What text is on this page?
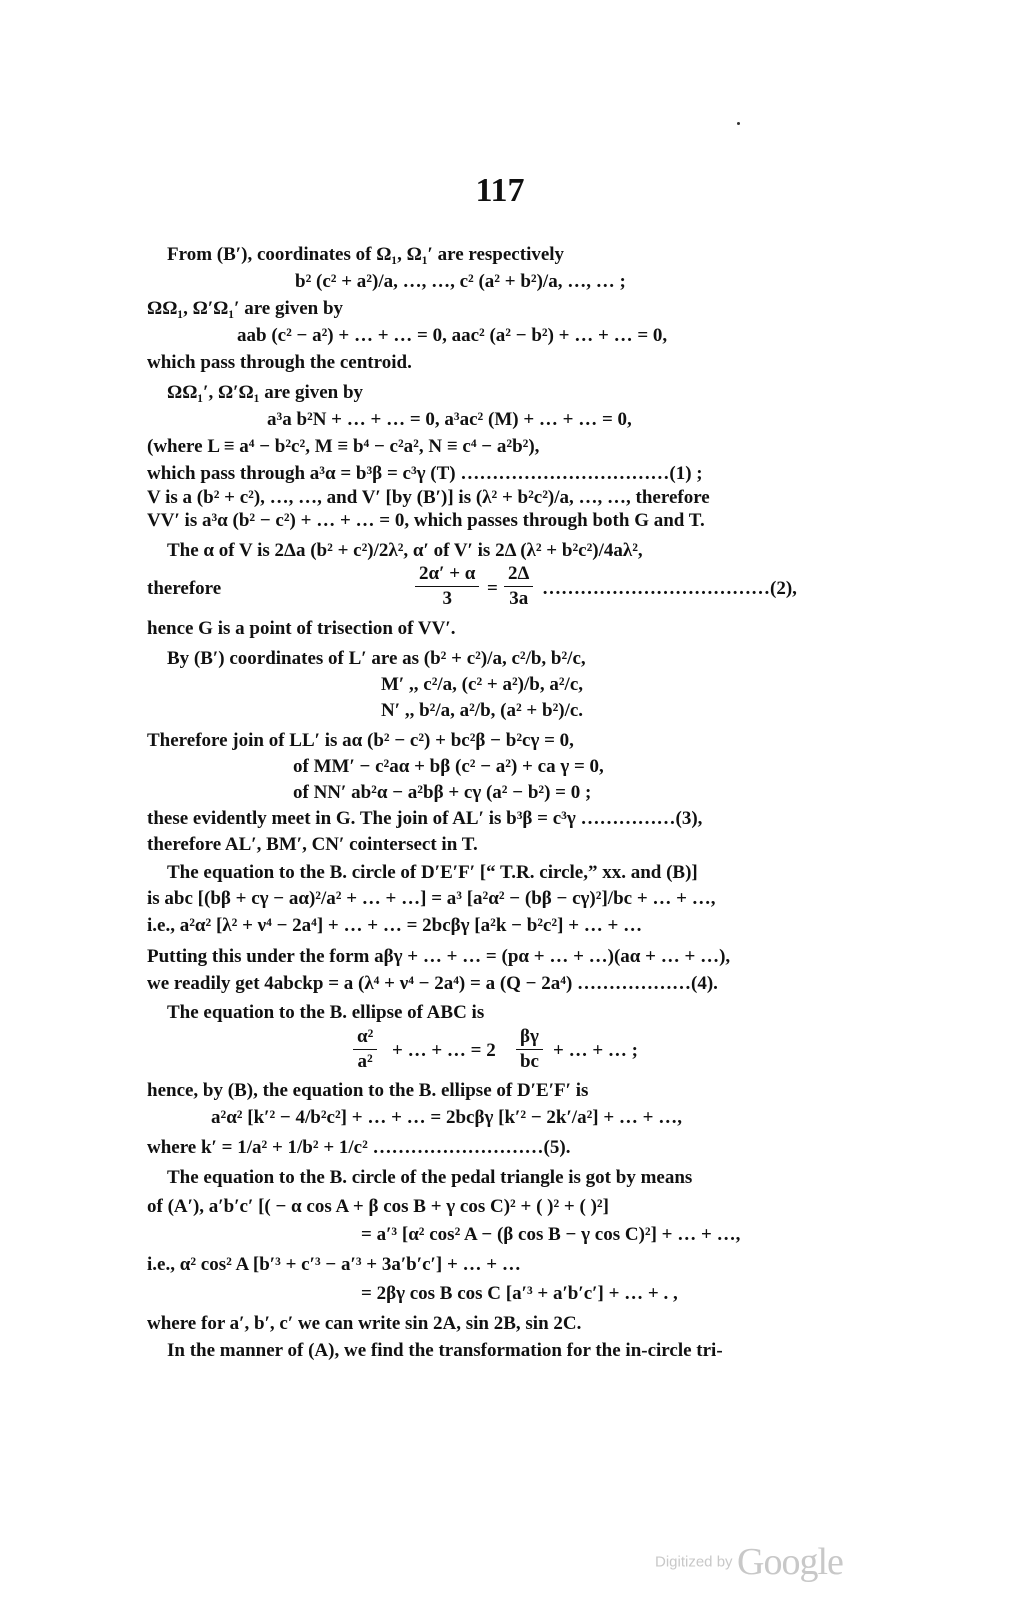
117
From (B′), coordinates of Ω₁, Ω₁′ are respectively
b² (c² + a²)/a, …, …, c² (a² + b²)/a, …, … ;
ΩΩ₁, Ω′Ω₁′ are given by
aab (c² − a²) + … + … = 0, aac² (a² − b²) + … + … = 0,
which pass through the centroid.
ΩΩ₁′, Ω′Ω₁ are given by
a³a b²N + … + … = 0, a³ac² (M) + … + … = 0,
(where L ≡ a⁴ − b²c², M ≡ b⁴ − c²a², N ≡ c⁴ − a²b²),
which pass through a³α = b³β = c³γ (T) ……………………………(1) ;
V is a (b² + c²), …, …, and V′ [by (B′)] is (λ² + b²c²)/a, …, …, therefore
VV′ is a³α (b² − c²) + … + … = 0, which passes through both G and T.
The α of V is 2Δa (b² + c²)/2λ², α′ of V′ is 2Δ (λ² + b²c²)/4aλ²,
therefore	………………………………(2),
hence G is a point of trisection of VV′.
By (B′) coordinates of L′ are as (b² + c²)/a, c²/b, b²/c,
M′ ,, c²/a, (c² + a²)/b, a²/c,
N′ ,, b²/a, a²/b, (a² + b²)/c.
Therefore join of LL′ is aα (b² − c²) + bc²β − b²cγ = 0,
of MM′ − c²aα + bβ (c² − a²) + ca γ = 0,
of NN′ ab²α − a²bβ + cγ (a² − b²) = 0 ;
these evidently meet in G. The join of AL′ is b³β = c³γ ……………(3),
therefore AL′, BM′, CN′ cointersect in T.
The equation to the B. circle of D′E′F′ [“ T.R. circle,” xx. and (B)]
is abc [(bβ + cγ − aα)²/a² + … + …] = a³ [a²α² − (bβ − cγ)²]/bc + … + …,
i.e., a²α² [λ² + ν⁴ − 2a⁴] + … + … = 2bcβγ [a²k − b²c²] + … + …
Putting this under the form aβγ + … + … = (pα + … + …)(aα + … + …),
we readily get 4abckp = a (λ⁴ + ν⁴ − 2a⁴) = a (Q − 2a⁴) ………………(4).
The equation to the B. ellipse of ABC is
+ … + … = 2	+ … + … ;
hence, by (B), the equation to the B. ellipse of D′E′F′ is
a²α² [k′² − 4/b²c²] + … + … = 2bcβγ [k′² − 2k′/a²] + … + …,
where k′ = 1/a² + 1/b² + 1/c² ………………………(5).
The equation to the B. circle of the pedal triangle is got by means
of (A′), a′b′c′ [( − α cos A + β cos B + γ cos C)² + ( )² + ( )²]
= a′³ [α² cos² A − (β cos B − γ cos C)²] + … + …,
i.e., α² cos² A [b′³ + c′³ − a′³ + 3a′b′c′] + … + …
= 2βγ cos B cos C [a′³ + a′b′c′] + … + . ,
where for a′, b′, c′ we can write sin 2A, sin 2B, sin 2C.
In the manner of (A), we find the transformation for the in-circle tri-
$\frac{2\alpha' + \alpha}{3} \frac{2\Delta}{3a}$
$\frac{\text{α²}}{\text{a²}}$	$\frac{\beta\gamma}{bc}$
=
Digitized by Google
